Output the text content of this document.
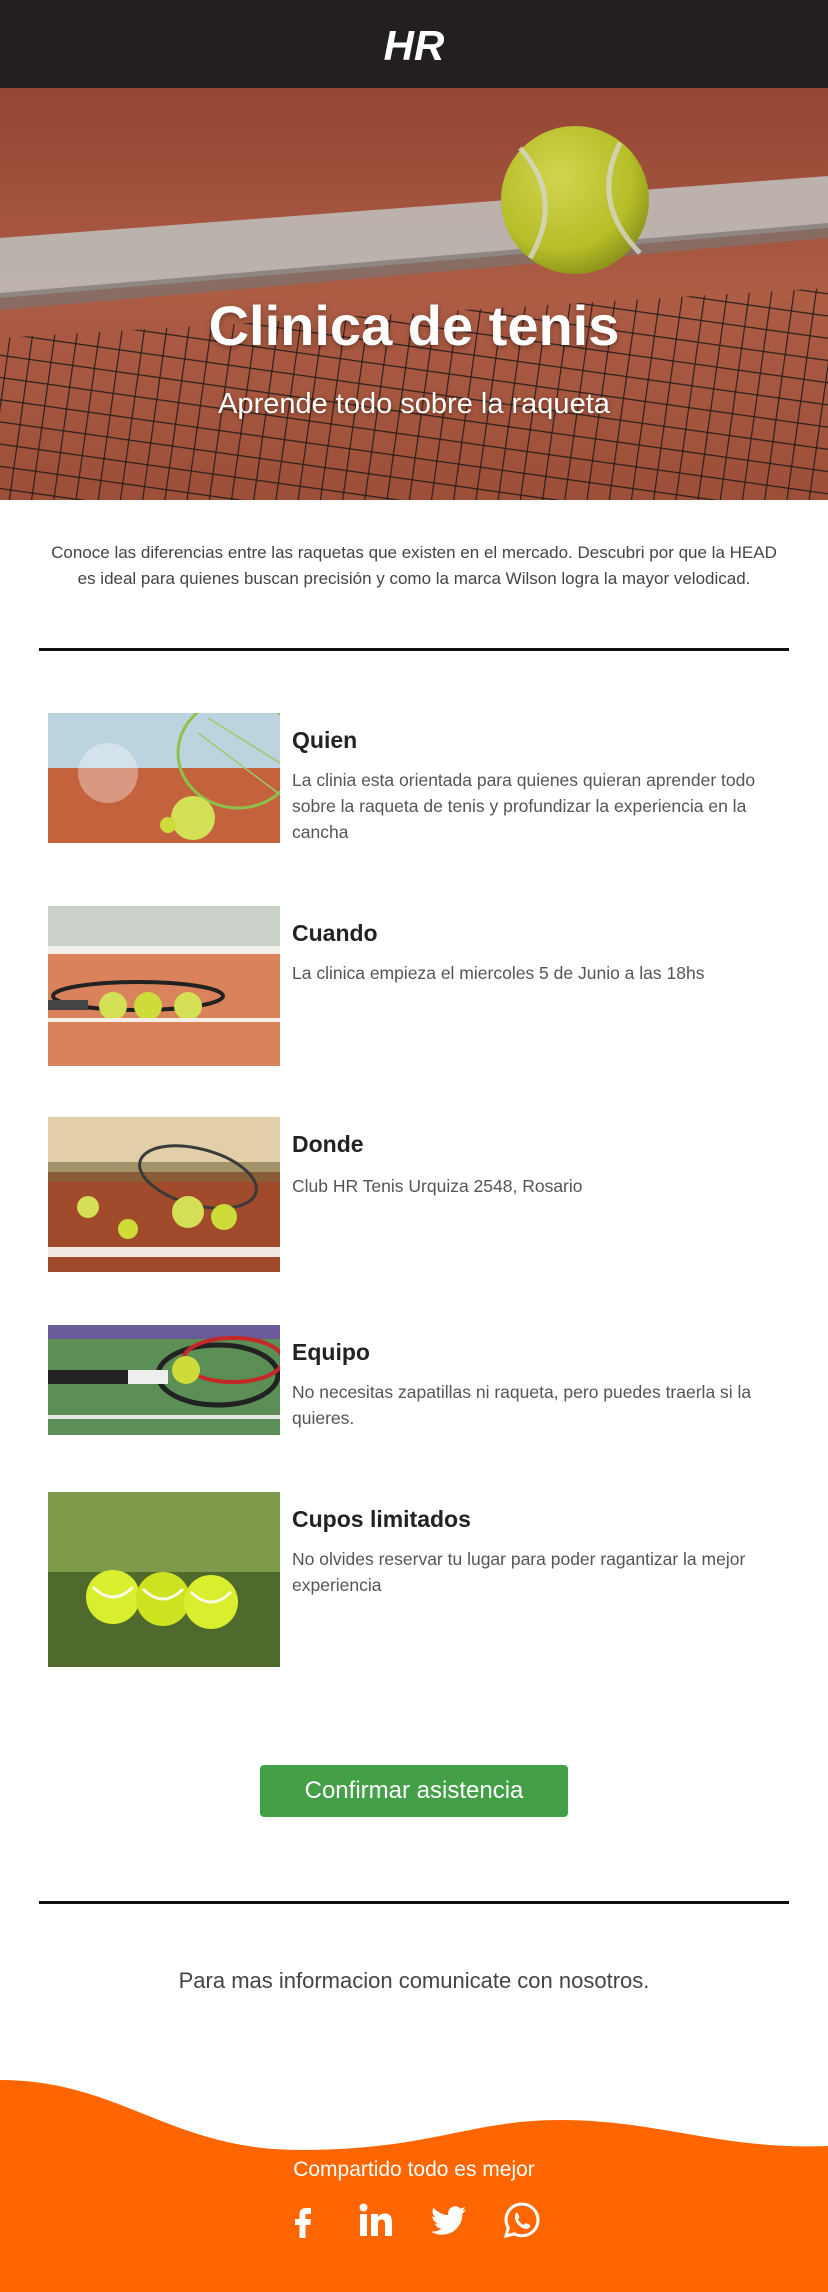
HR
Clinica de tenis
Aprende todo sobre la raqueta

Conoce las diferencias entre las raquetas que existen en el mercado. Descubri por que la HEAD es ideal para quienes buscan precisión y como la marca Wilson logra la mayor velodicad.

Quien

La clinia esta orientada para quienes quieran aprender todo sobre la raqueta de tenis y profundizar la experiencia en la cancha

Cuando

La clinica empieza el miercoles 5 de Junio a las 18hs

Donde

Club HR Tenis Urquiza 2548, Rosario

Equipo

No necesitas zapatillas ni raqueta, pero puedes traerla si la quieres.

Cupos limitados

No olvides reservar tu lugar para poder ragantizar la mejor experiencia

Confirmar asistencia
Para mas informacion comunicate con nosotros.
Compartido todo es mejor
